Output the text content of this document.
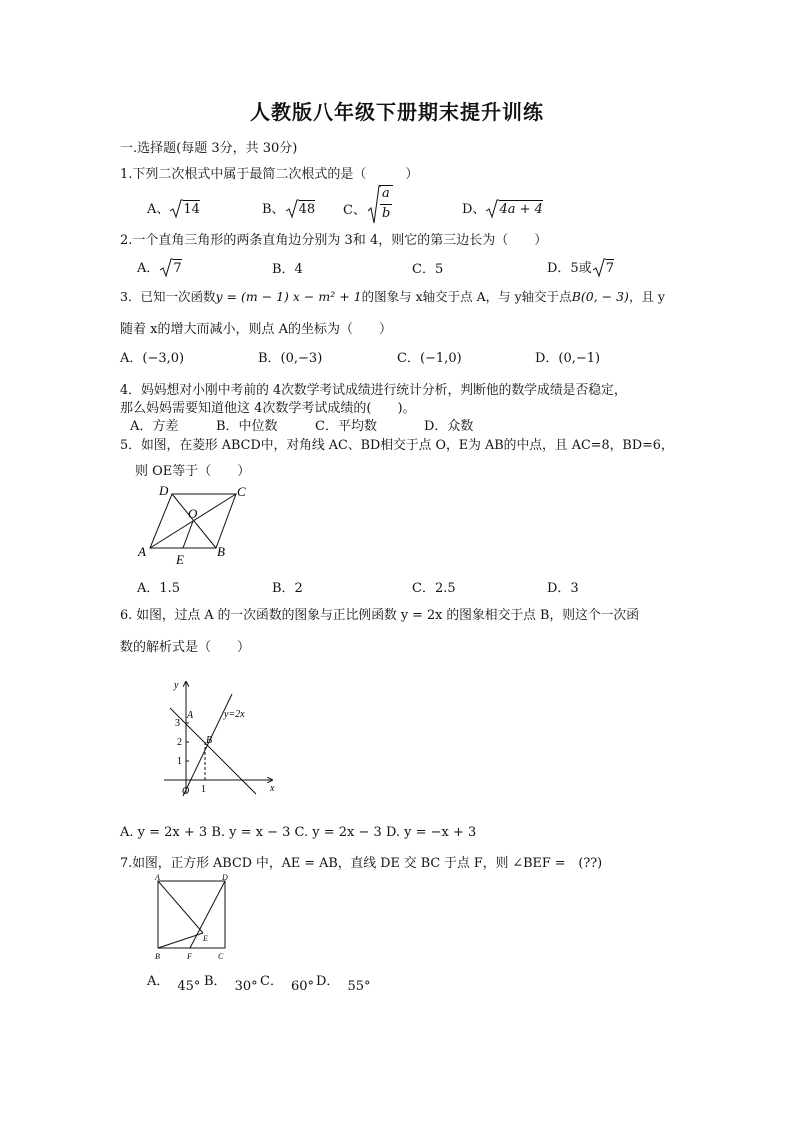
人教版八年级下册期末提升训练
一.选择题(每题 3分，共 30分)
1.下列二次根式中属于最简二次根式的是（　　　）
A、 14	B、 48 C、
a
b	D、 4a + 4
2.一个直角三角形的两条直角边分别为 3和 4，则它的第三边长为（　　）
A． 7	B．4	C．5	D．5或 7
3．已知一次函数y = (m − 1) x − m² + 1的图象与 x轴交于点 A，与 y轴交于点B(0, − 3)，且 y
随着 x的增大而减小，则点 A的坐标为（　　）
A．(−3,0)	B．(0,−3)	C．(−1,0)	D．(0,−1)
4．妈妈想对小刚中考前的 4次数学考试成绩进行统计分析，判断他的数学成绩是否稳定，
那么妈妈需要知道他这 4次数学考试成绩的(　　)。
A．方差	B．中位数	C．平均数	D．众数
5．如图，在菱形 ABCD中，对角线 AC、BD相交于点 O，E为 AB的中点，且 AC=8，BD=6，
则 OE等于（　　）
D	C
O
A	B
E
A．1.5	B．2	C．2.5	D．3
6. 如图，过点 A 的一次函数的图象与正比例函数 y = 2x 的图象相交于点 B，则这个一次函
数的解析式是（　　）
y
x
1
2
3
1
O
A
B
y=2x
A. y = 2x + 3 B. y = x − 3 C. y = 2x − 3 D. y = −x + 3
7.如图，正方形 ABCD 中，AE = AB，直线 DE 交 BC 于点 F，则 ∠BEF =　(??)
A	D
B	C
F
E
A． 45° B． 30° C． 60° D． 55°
